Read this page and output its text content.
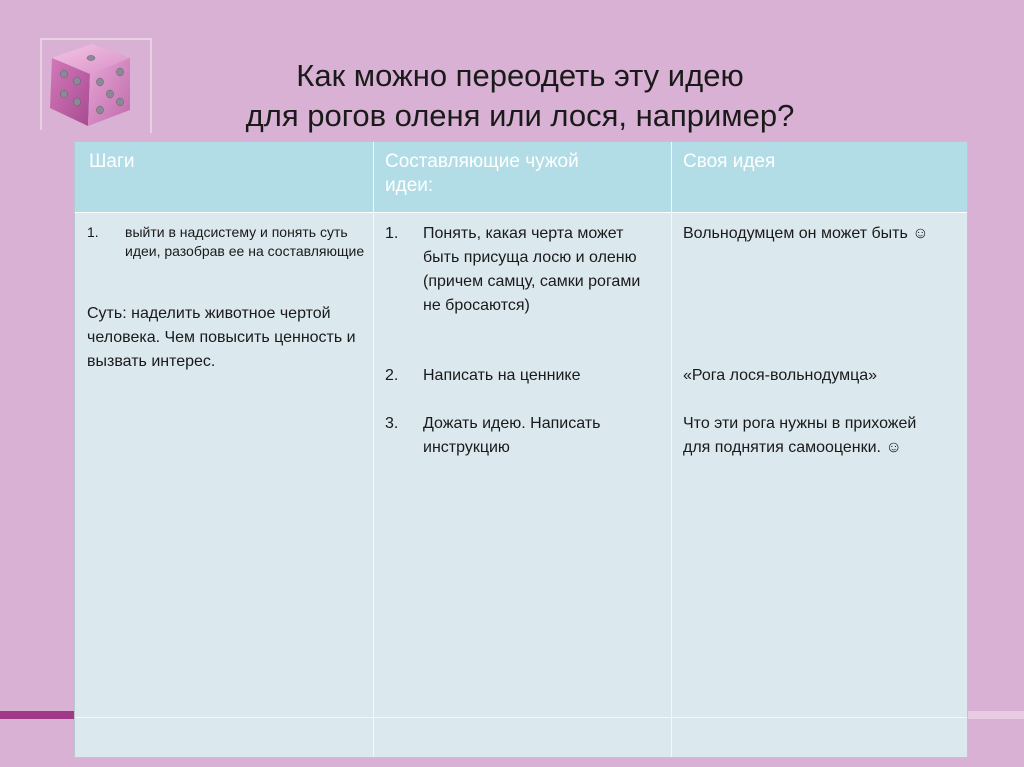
Как можно переодеть эту идею
для рогов оленя или лося, например?
Шаги	Составляющие чужой идеи:
Своя идея
1. выйти в надсистему и понять суть идеи, разобрав ее на составляющие
Суть: наделить животное чертой человека. Чем повысить ценность и вызвать интерес.
1. Понять, какая черта может быть присуща лосю и оленю (причем самцу, самки рогами не бросаются)
2. Написать на ценнике
3. Дожать идею. Написать инструкцию
Вольнодумцем он может быть ☺
«Рога лося-вольнодумца»
Что эти рога нужны в прихожей для поднятия самооценки. ☺
